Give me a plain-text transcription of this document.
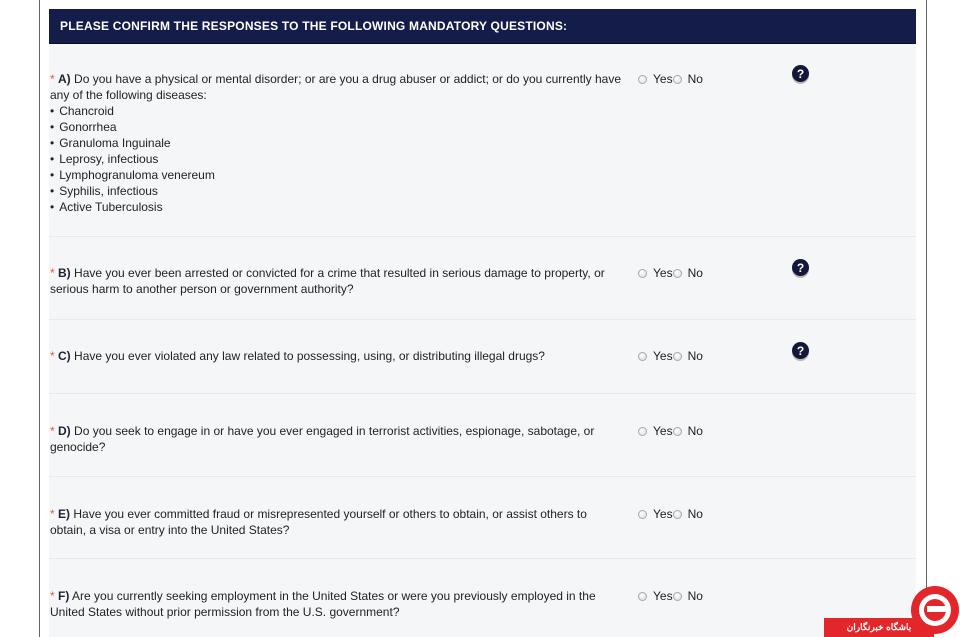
PLEASE CONFIRM THE RESPONSES TO THE FOLLOWING MANDATORY QUESTIONS:
* A) Do you have a physical or mental disorder; or are you a drug abuser or addict; or do you currently have any of the following diseases:
• Chancroid
• Gonorrhea
• Granuloma Inguinale
• Leprosy, infectious
• Lymphogranuloma venereum
• Syphilis, infectious
• Active Tuberculosis
Yes No	?
* B) Have you ever been arrested or convicted for a crime that resulted in serious damage to property, or serious harm to another person or government authority?
Yes No	?
* C) Have you ever violated any law related to possessing, using, or distributing illegal drugs?	Yes No	?
* D) Do you seek to engage in or have you ever engaged in terrorist activities, espionage, sabotage, or genocide?
Yes No
* E) Have you ever committed fraud or misrepresented yourself or others to obtain, or assist others to obtain, a visa or entry into the United States?
Yes No
* F) Are you currently seeking employment in the United States or were you previously employed in the United States without prior permission from the U.S. government?
Yes No
باشگاه خبرنگاران
